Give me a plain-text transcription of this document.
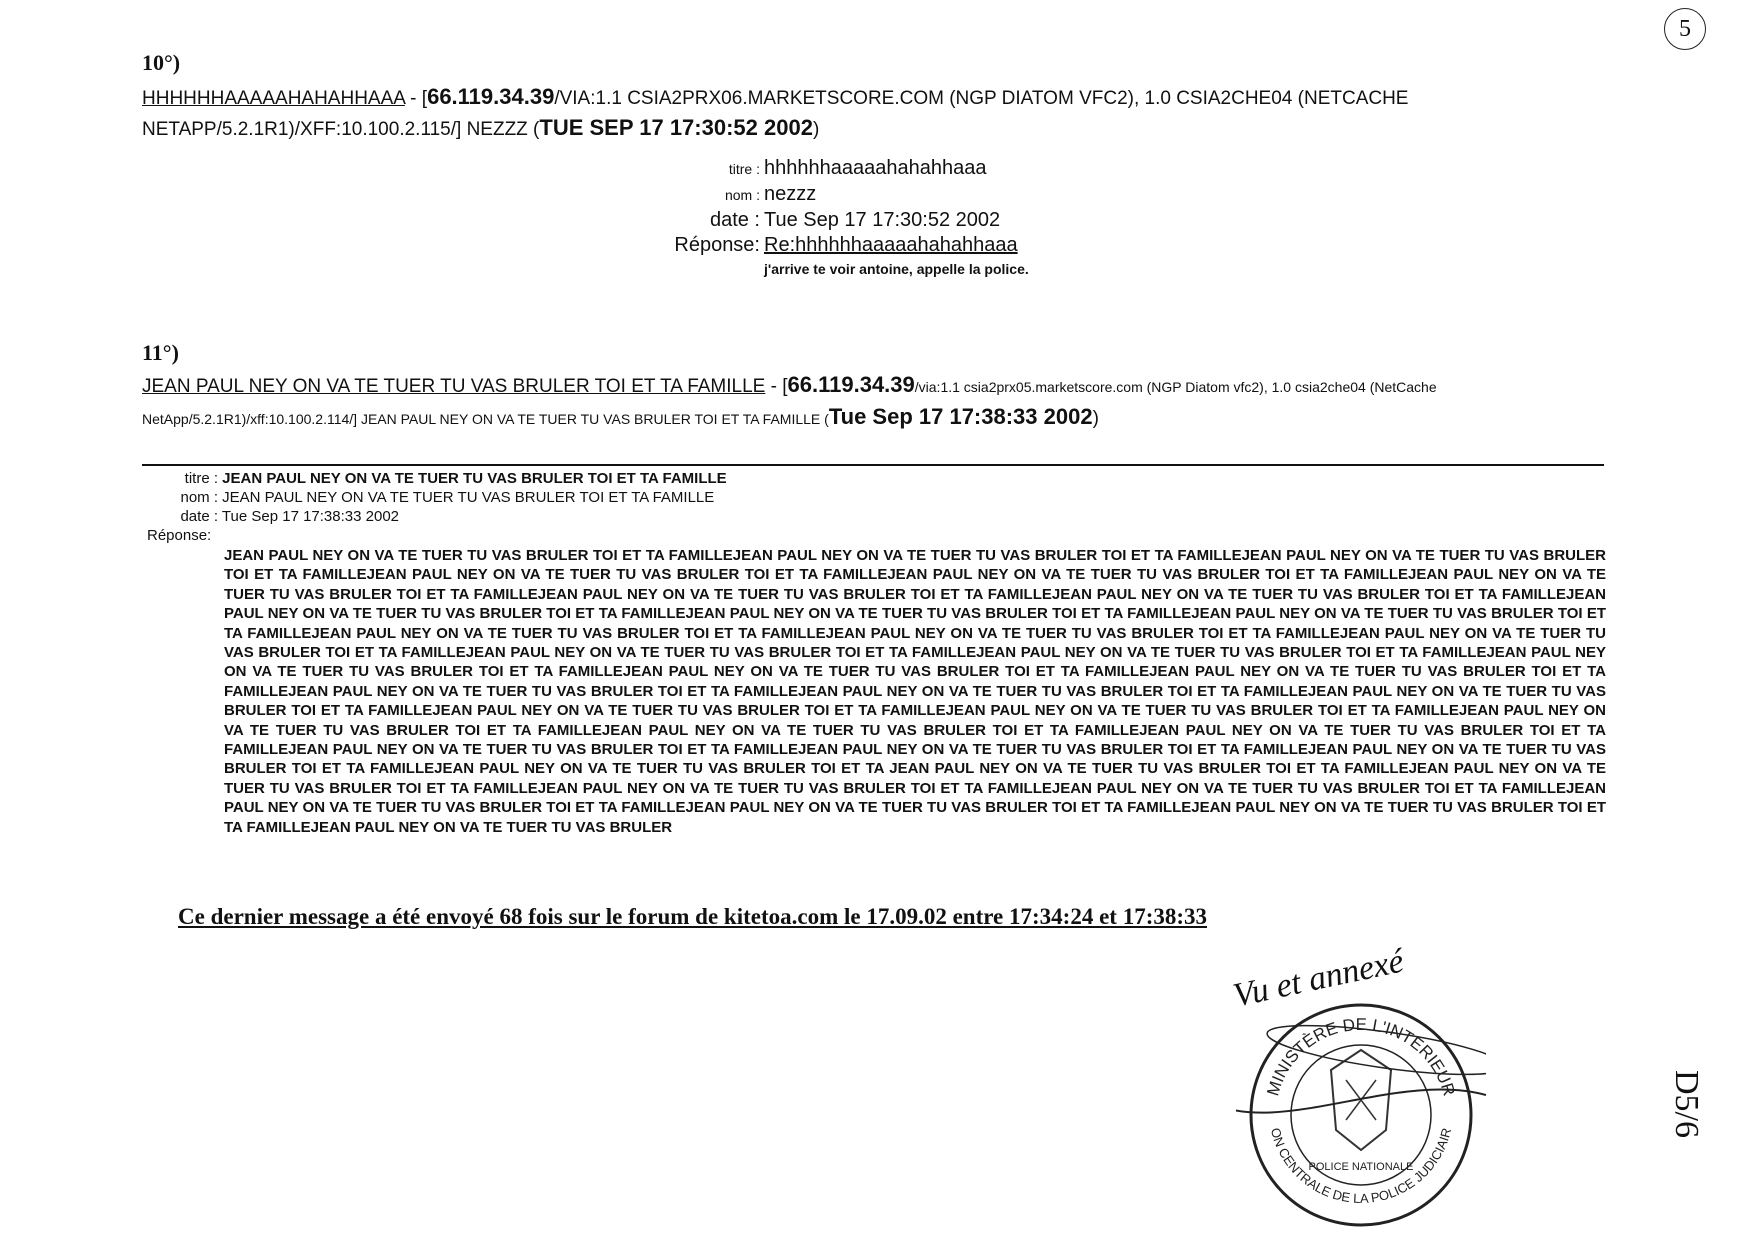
5
10°)
HHHHHHAAAAAHAHAHHAAA - [66.119.34.39/VIA:1.1 CSIA2PRX06.MARKETSCORE.COM (NGP DIATOM VFC2), 1.0 CSIA2CHE04 (NETCACHE NETAPP/5.2.1R1)/XFF:10.100.2.115/] NEZZZ (TUE SEP 17 17:30:52 2002)
titre : hhhhhhaaaaahahahhaaa
nom : nezzz
date : Tue Sep 17 17:30:52 2002
Réponse: Re:hhhhhhaaaaahahahhaaa
j'arrive te voir antoine, appelle la police.
11°)
JEAN PAUL NEY ON VA TE TUER TU VAS BRULER TOI ET TA FAMILLE - [66.119.34.39/via:1.1 csia2prx05.marketscore.com (NGP Diatom vfc2), 1.0 csia2che04 (NetCache NetApp/5.2.1R1)/xff:10.100.2.114/] JEAN PAUL NEY ON VA TE TUER TU VAS BRULER TOI ET TA FAMILLE (Tue Sep 17 17:38:33 2002)
titre : JEAN PAUL NEY ON VA TE TUER TU VAS BRULER TOI ET TA FAMILLE
nom : JEAN PAUL NEY ON VA TE TUER TU VAS BRULER TOI ET TA FAMILLE
date : Tue Sep 17 17:38:33 2002
Réponse:
JEAN PAUL NEY ON VA TE TUER TU VAS BRULER TOI ET TA FAMILLEJEAN PAUL NEY ON VA TE TUER TU VAS BRULER TOI ET TA FAMILLEJEAN PAUL NEY ON VA TE TUER TU VAS BRULER TOI ET TA FAMILLEJEAN PAUL NEY ON VA TE TUER TU VAS BRULER TOI ET TA FAMILLEJEAN PAUL NEY ON VA TE TUER TU VAS BRULER TOI ET TA FAMILLEJEAN PAUL NEY ON VA TE TUER TU VAS BRULER TOI ET TA FAMILLEJEAN PAUL NEY ON VA TE TUER TU VAS BRULER TOI ET TA FAMILLEJEAN PAUL NEY ON VA TE TUER TU VAS BRULER TOI ET TA FAMILLEJEAN PAUL NEY ON VA TE TUER TU VAS BRULER TOI ET TA FAMILLEJEAN PAUL NEY ON VA TE TUER TU VAS BRULER TOI ET TA FAMILLEJEAN PAUL NEY ON VA TE TUER TU VAS BRULER TOI ET TA FAMILLEJEAN PAUL NEY ON VA TE TUER TU VAS BRULER TOI ET TA FAMILLEJEAN PAUL NEY ON VA TE TUER TU VAS BRULER TOI ET TA FAMILLEJEAN PAUL NEY ON VA TE TUER TU VAS BRULER TOI ET TA FAMILLEJEAN PAUL NEY ON VA TE TUER TU VAS BRULER TOI ET TA FAMILLEJEAN PAUL NEY ON VA TE TUER TU VAS BRULER TOI ET TA FAMILLEJEAN PAUL NEY ON VA TE TUER TU VAS BRULER TOI ET TA FAMILLEJEAN PAUL NEY ON VA TE TUER TU VAS BRULER TOI ET TA FAMILLEJEAN PAUL NEY ON VA TE TUER TU VAS BRULER TOI ET TA FAMILLEJEAN PAUL NEY ON VA TE TUER TU VAS BRULER TOI ET TA FAMILLEJEAN PAUL NEY ON VA TE TUER TU VAS BRULER TOI ET TA FAMILLEJEAN PAUL NEY ON VA TE TUER TU VAS BRULER TOI ET TA FAMILLEJEAN PAUL NEY ON VA TE TUER TU VAS BRULER TOI ET TA FAMILLEJEAN PAUL NEY ON VA TE TUER TU VAS BRULER TOI ET TA FAMILLEJEAN PAUL NEY ON VA TE TUER TU VAS BRULER TOI ET TA FAMILLEJEAN PAUL NEY ON VA TE TUER TU VAS BRULER TOI ET TA FAMILLEJEAN PAUL NEY ON VA TE TUER TU VAS BRULER TOI ET TA FAMILLEJEAN PAUL NEY ON VA TE TUER TU VAS BRULER TOI ET TA FAMILLEJEAN PAUL NEY ON VA TE TUER TU VAS BRULER TOI ET TA FAMILLEJEAN PAUL NEY ON VA TE TUER TU VAS BRULER TOI ET TA FAMILLEJEAN PAUL NEY ON VA TE TUER TU VAS BRULER TOI ET TA JEAN PAUL NEY ON VA TE TUER TU VAS BRULER TOI ET TA FAMILLEJEAN PAUL NEY ON VA TE TUER TU VAS BRULER TOI ET TA FAMILLEJEAN PAUL NEY ON VA TE TUER TU VAS BRULER TOI ET TA FAMILLEJEAN PAUL NEY ON VA TE TUER TU VAS BRULER TOI ET TA FAMILLEJEAN PAUL NEY ON VA TE TUER TU VAS BRULER TOI ET TA FAMILLEJEAN PAUL NEY ON VA TE TUER TU VAS BRULER TOI ET TA FAMILLEJEAN PAUL NEY ON VA TE TUER TU VAS BRULER TOI ET TA FAMILLEJEAN PAUL NEY ON VA TE TUER TU VAS BRULER
Ce dernier message a été envoyé 68 fois sur le forum de kitetoa.com le 17.09.02 entre 17:34:24 et 17:38:33
Vu et annexé
MINISTÈRE DE L'INTÉRIEUR
ON CENTRALE DE LA POLICE JUDICIAIR
POLICE NATIONALE
D5/6
